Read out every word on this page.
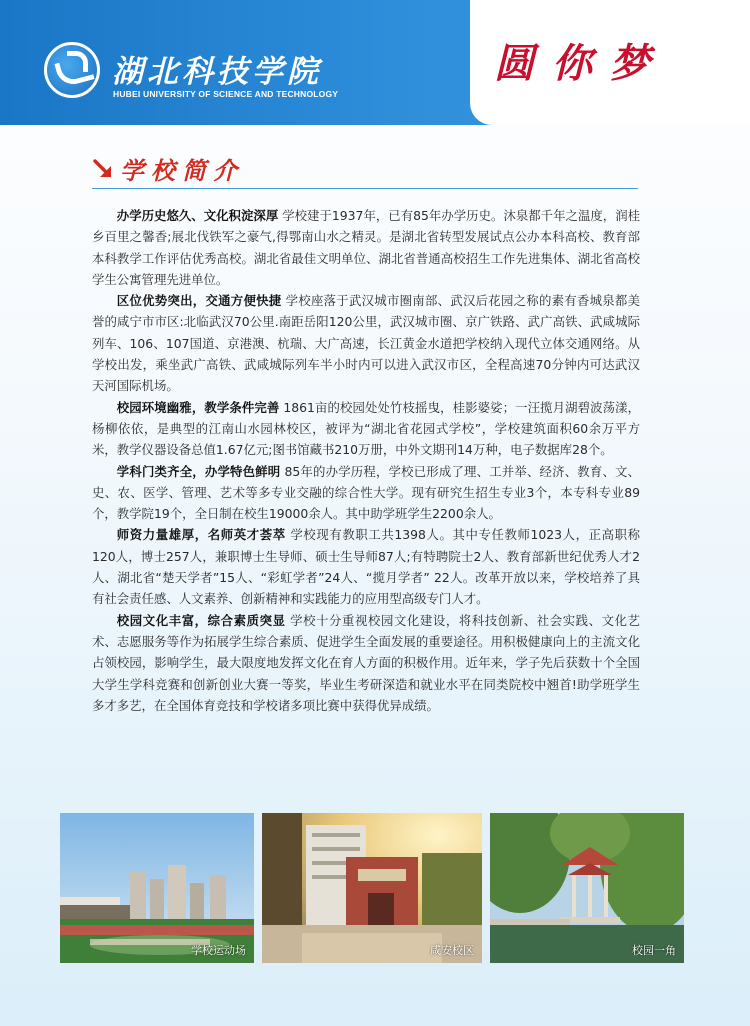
湖北科技学院
HUBEI UNIVERSITY OF SCIENCE AND TECHNOLOGY
圆你梦
学校简介

办学历史悠久、文化积淀深厚 学校建于1937年，已有85年办学历史。沐泉都千年之温度，润桂乡百里之馨香;展北伐铁军之豪气,得鄂南山水之精灵。是湖北省转型发展试点公办本科高校、教育部本科教学工作评估优秀高校。湖北省最佳文明单位、湖北省普通高校招生工作先进集体、湖北省高校学生公寓管理先进单位。

区位优势突出，交通方便快捷 学校座落于武汉城市圈南部、武汉后花园之称的素有香城泉都美誉的咸宁市市区:北临武汉70公里.南距岳阳120公里，武汉城市圈、京广铁路、武广高铁、武咸城际列车、106、107国道、京港澳、杭瑞、大广高速，长江黄金水道把学校纳入现代立体交通网络。从学校出发，乘坐武广高铁、武咸城际列车半小时内可以进入武汉市区，全程高速70分钟内可达武汉天河国际机场。

校园环境幽雅，教学条件完善 1861亩的校园处处竹枝摇曳，桂影婆娑；一汪揽月湖碧波荡漾，杨柳依依，是典型的江南山水园林校区，被评为“湖北省花园式学校”，学校建筑面积60余万平方米，教学仪器设备总值1.67亿元;图书馆藏书210万册，中外文期刊14万种，电子数据库28个。

学科门类齐全，办学特色鲜明 85年的办学历程，学校已形成了理、工并举、经济、教育、文、史、农、医学、管理、艺术等多专业交融的综合性大学。现有研究生招生专业3个，本专科专业89个，教学院19个，全日制在校生19000余人。其中助学班学生2200余人。

师资力量雄厚，名师英才荟萃 学校现有教职工共1398人。其中专任教师1023人，正高职称120人，博士257人，兼职博士生导师、硕士生导师87人;有特聘院士2人、教育部新世纪优秀人才2人、湖北省“楚天学者”15人、“彩虹学者”24人、“揽月学者” 22人。改革开放以来，学校培养了具有社会责任感、人文素养、创新精神和实践能力的应用型高级专门人才。

校园文化丰富，综合素质突显 学校十分重视校园文化建设，将科技创新、社会实践、文化艺术、志愿服务等作为拓展学生综合素质、促进学生全面发展的重要途径。用积极健康向上的主流文化占领校园，影响学生，最大限度地发挥文化在育人方面的积极作用。近年来，学子先后获数十个全国大学生学科竞赛和创新创业大赛一等奖，毕业生考研深造和就业水平在同类院校中翘首!助学班学生多才多艺，在全国体育竞技和学校诸多项比赛中获得优异成绩。

学校运动场	咸安校区	校园一角
